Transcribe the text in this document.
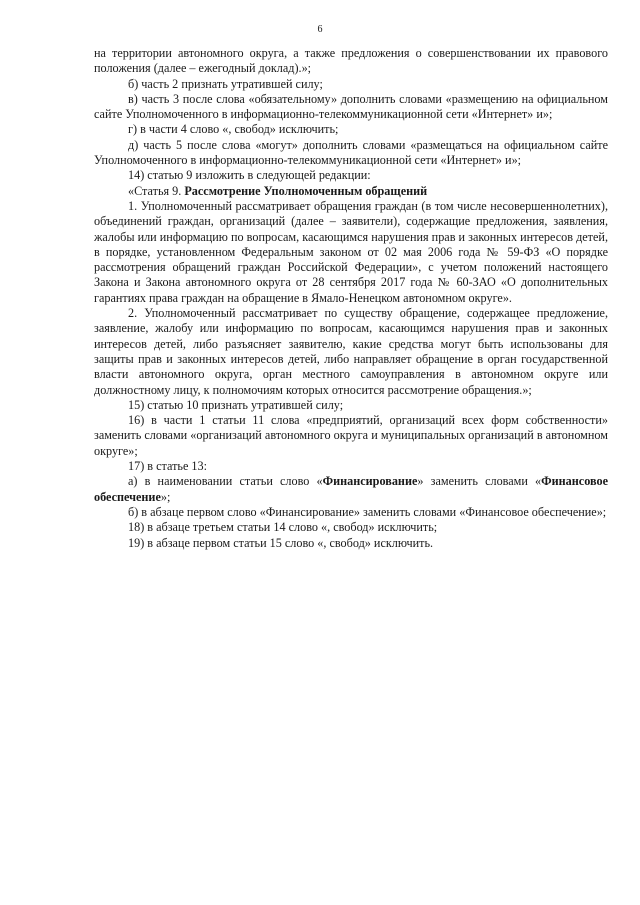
6

на территории автономного округа, а также предложения о совершенствовании их правового положения (далее – ежегодный доклад).»;

б) часть 2 признать утратившей силу;

в) часть 3 после слова «обязательному» дополнить словами «размещению на официальном сайте Уполномоченного в информационно-телекоммуникационной сети «Интернет» и»;

г) в части 4 слово «, свобод» исключить;

д) часть 5 после слова «могут» дополнить словами «размещаться на официальном сайте Уполномоченного в информационно-телекоммуникационной сети «Интернет» и»;

14) статью 9 изложить в следующей редакции:

«Статья 9. Рассмотрение Уполномоченным обращений

1. Уполномоченный рассматривает обращения граждан (в том числе несовершеннолетних), объединений граждан, организаций (далее – заявители), содержащие предложения, заявления, жалобы или информацию по вопросам, касающимся нарушения прав и законных интересов детей, в порядке, установленном Федеральным законом от 02 мая 2006 года № 59-ФЗ «О порядке рассмотрения обращений граждан Российской Федерации», с учетом положений настоящего Закона и Закона автономного округа от 28 сентября 2017 года № 60-ЗАО «О дополнительных гарантиях права граждан на обращение в Ямало-Ненецком автономном округе».

2. Уполномоченный рассматривает по существу обращение, содержащее предложение, заявление, жалобу или информацию по вопросам, касающимся нарушения прав и законных интересов детей, либо разъясняет заявителю, какие средства могут быть использованы для защиты прав и законных интересов детей, либо направляет обращение в орган государственной власти автономного округа, орган местного самоуправления в автономном округе или должностному лицу, к полномочиям которых относится рассмотрение обращения.»;

15) статью 10 признать утратившей силу;

16) в части 1 статьи 11 слова «предприятий, организаций всех форм собственности» заменить словами «организаций автономного округа и муниципальных организаций в автономном округе»;

17) в статье 13:

а) в наименовании статьи слово «Финансирование» заменить словами «Финансовое обеспечение»;

б) в абзаце первом слово «Финансирование» заменить словами «Финансовое обеспечение»;

18) в абзаце третьем статьи 14 слово «, свобод» исключить;

19) в абзаце первом статьи 15 слово «, свобод» исключить.
